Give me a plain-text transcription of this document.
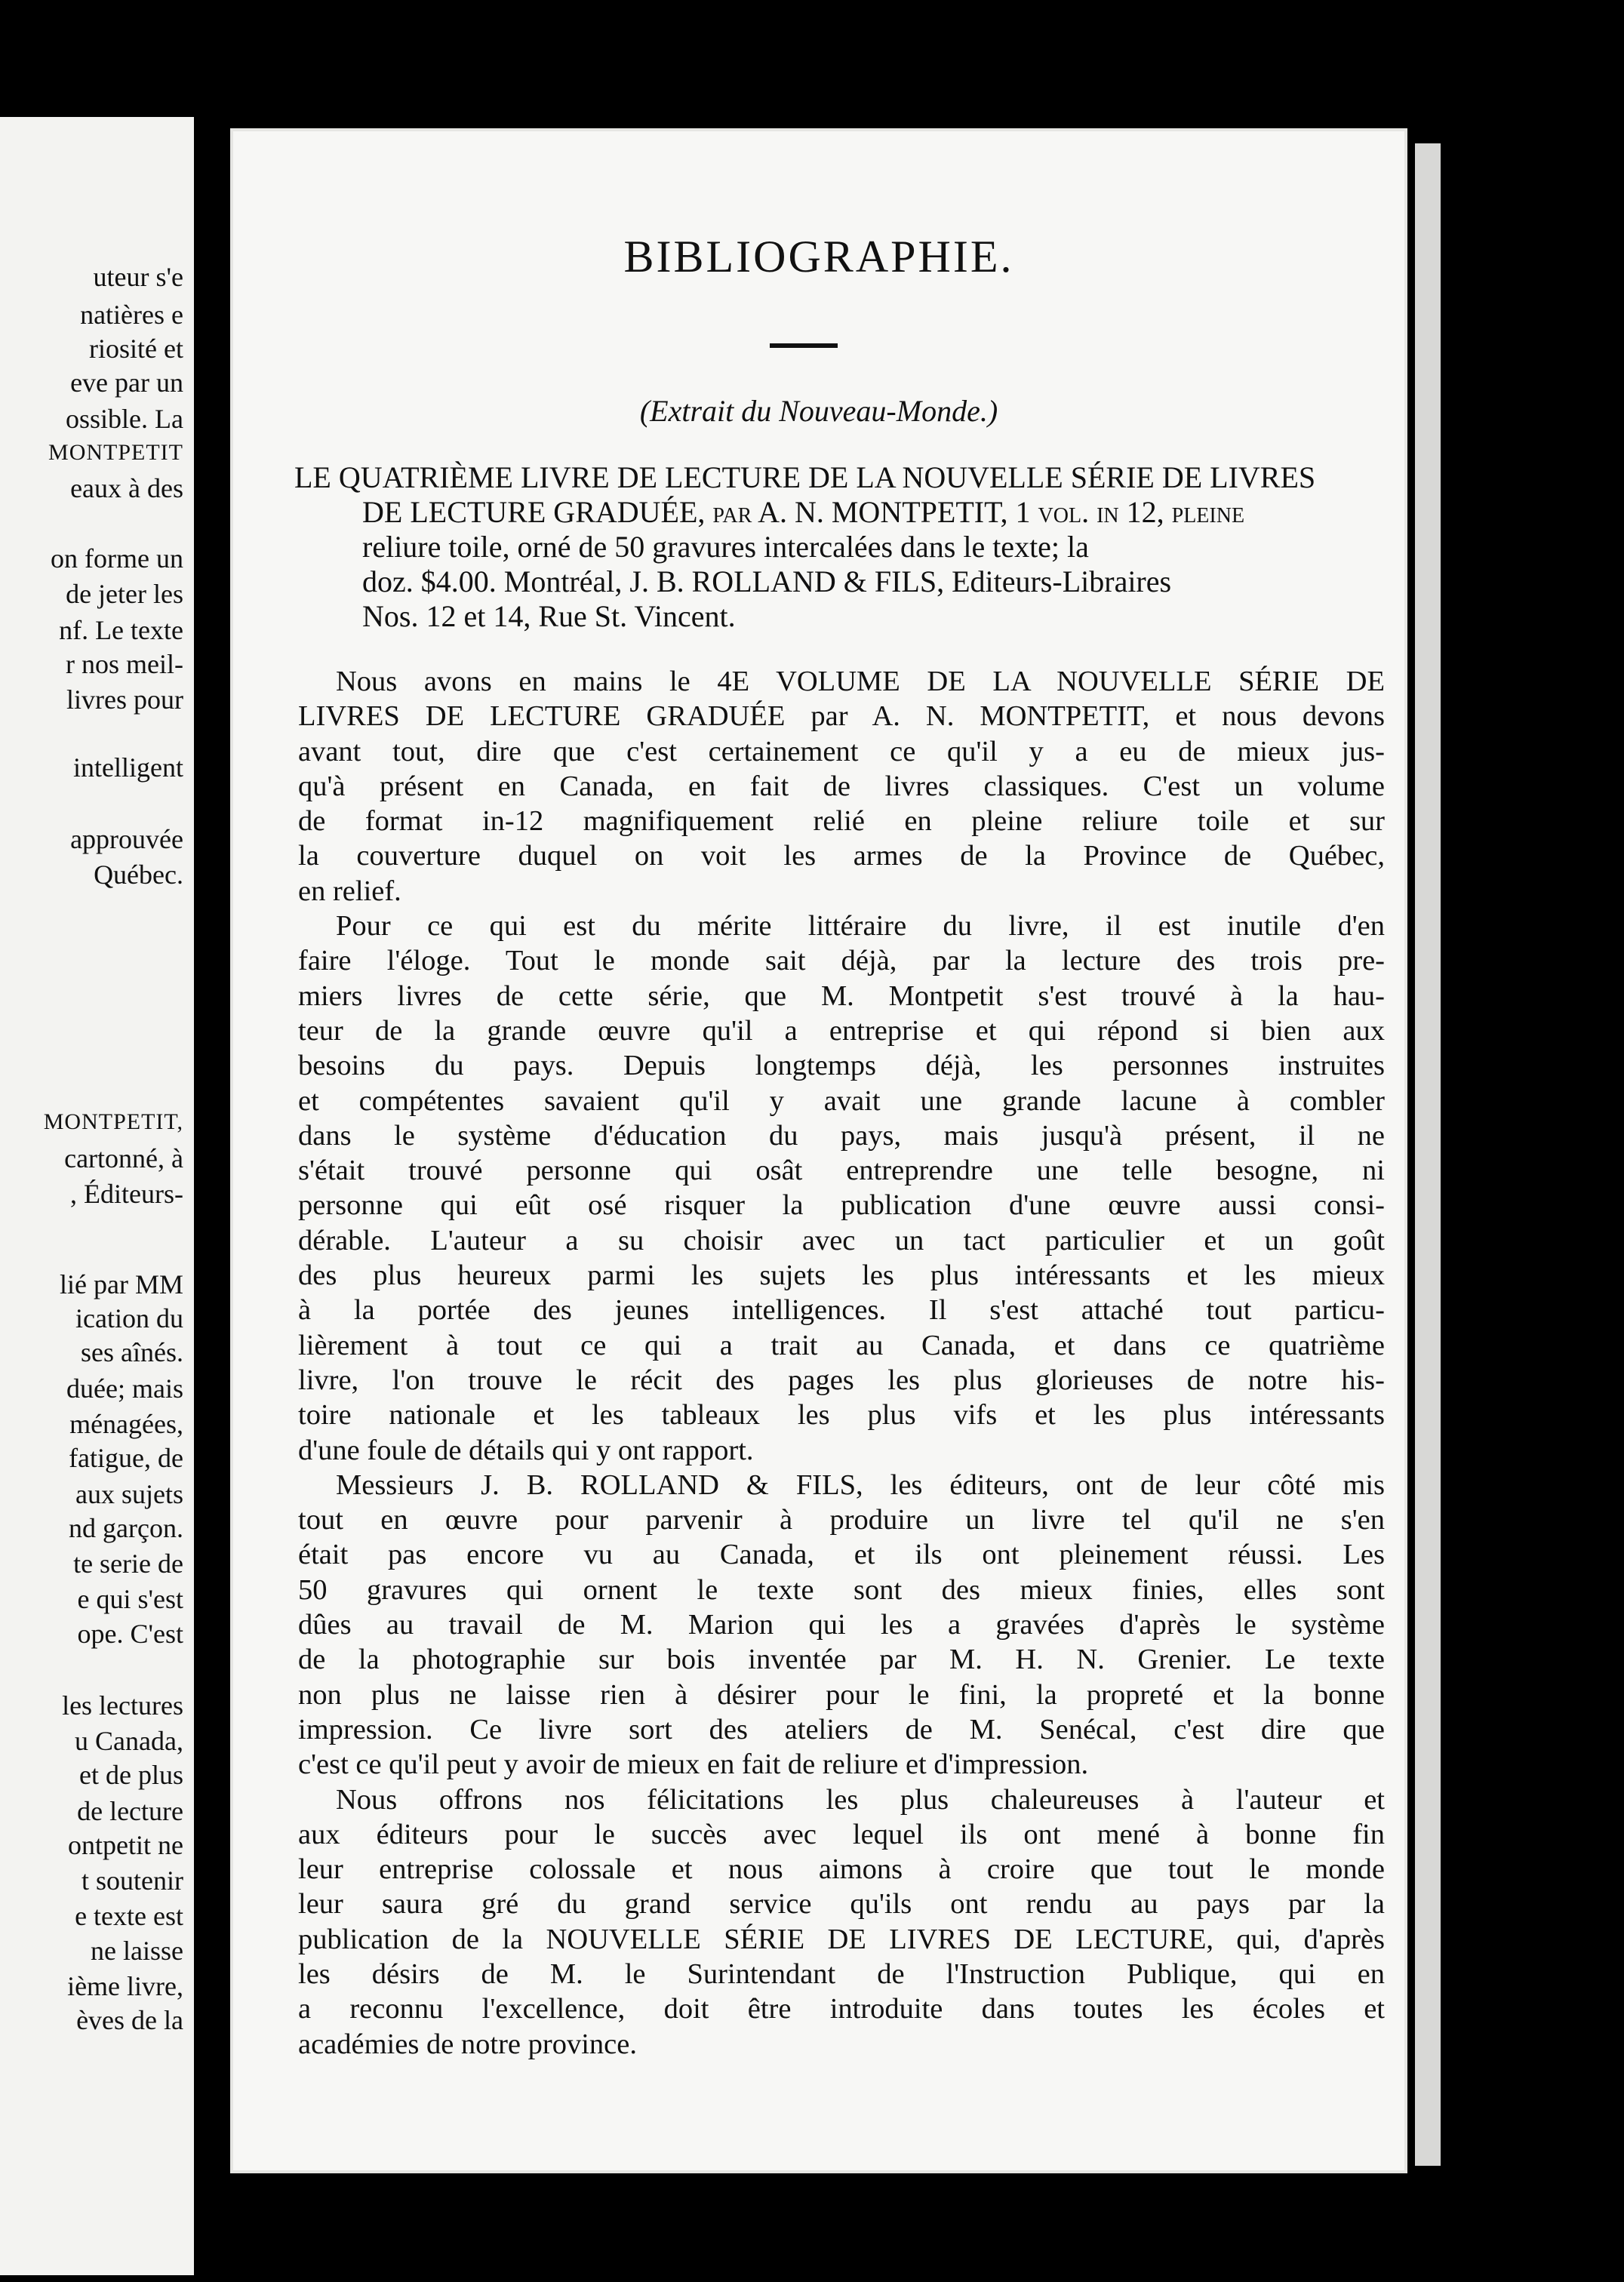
uteur s'e
natières e
riosité et
eve par un
ossible. La
MONTPETIT
eaux à des
on forme un
de jeter les
nf. Le texte
r nos meil-
livres pour
intelligent
approuvée
Québec.
MONTPETIT,
cartonné, à
, Éditeurs-
lié par MM
ication du
ses aînés.
duée; mais
ménagées,
fatigue, de
aux sujets
nd garçon.
te serie de
e qui s'est
ope. C'est
les lectures
u Canada,
et de plus
de lecture
ontpetit ne
t soutenir
e texte est
ne laisse
ième livre,
èves de la
BIBLIOGRAPHIE.
(Extrait du Nouveau-Monde.)
LE QUATRIÈME LIVRE DE LECTURE DE LA NOUVELLE SÉRIE DE LIVRES
DE LECTURE GRADUÉE, par A. N. MONTPETIT, 1 vol. in 12, pleine
reliure toile, orné de 50 gravures intercalées dans le texte; la
doz. $4.00. Montréal, J. B. ROLLAND & FILS, Editeurs-Libraires
Nos. 12 et 14, Rue St. Vincent.
Nous avons en mains le 4E VOLUME DE LA NOUVELLE SÉRIE DE
LIVRES DE LECTURE GRADUÉE par A. N. MONTPETIT, et nous devons
avant tout, dire que c'est certainement ce qu'il y a eu de mieux jus-
qu'à présent en Canada, en fait de livres classiques. C'est un volume
de format in-12 magnifiquement relié en pleine reliure toile et sur
la couverture duquel on voit les armes de la Province de Québec,
en relief.
Pour ce qui est du mérite littéraire du livre, il est inutile d'en
faire l'éloge. Tout le monde sait déjà, par la lecture des trois pre-
miers livres de cette série, que M. Montpetit s'est trouvé à la hau-
teur de la grande œuvre qu'il a entreprise et qui répond si bien aux
besoins du pays. Depuis longtemps déjà, les personnes instruites
et compétentes savaient qu'il y avait une grande lacune à combler
dans le système d'éducation du pays, mais jusqu'à présent, il ne
s'était trouvé personne qui osât entreprendre une telle besogne, ni
personne qui eût osé risquer la publication d'une œuvre aussi consi-
dérable. L'auteur a su choisir avec un tact particulier et un goût
des plus heureux parmi les sujets les plus intéressants et les mieux
à la portée des jeunes intelligences. Il s'est attaché tout particu-
lièrement à tout ce qui a trait au Canada, et dans ce quatrième
livre, l'on trouve le récit des pages les plus glorieuses de notre his-
toire nationale et les tableaux les plus vifs et les plus intéressants
d'une foule de détails qui y ont rapport.
Messieurs J. B. ROLLAND & FILS, les éditeurs, ont de leur côté mis
tout en œuvre pour parvenir à produire un livre tel qu'il ne s'en
était pas encore vu au Canada, et ils ont pleinement réussi. Les
50 gravures qui ornent le texte sont des mieux finies, elles sont
dûes au travail de M. Marion qui les a gravées d'après le système
de la photographie sur bois inventée par M. H. N. Grenier. Le texte
non plus ne laisse rien à désirer pour le fini, la propreté et la bonne
impression. Ce livre sort des ateliers de M. Senécal, c'est dire que
c'est ce qu'il peut y avoir de mieux en fait de reliure et d'impression.
Nous offrons nos félicitations les plus chaleureuses à l'auteur et
aux éditeurs pour le succès avec lequel ils ont mené à bonne fin
leur entreprise colossale et nous aimons à croire que tout le monde
leur saura gré du grand service qu'ils ont rendu au pays par la
publication de la NOUVELLE SÉRIE DE LIVRES DE LECTURE, qui, d'après
les désirs de M. le Surintendant de l'Instruction Publique, qui en
a reconnu l'excellence, doit être introduite dans toutes les écoles et
académies de notre province.
